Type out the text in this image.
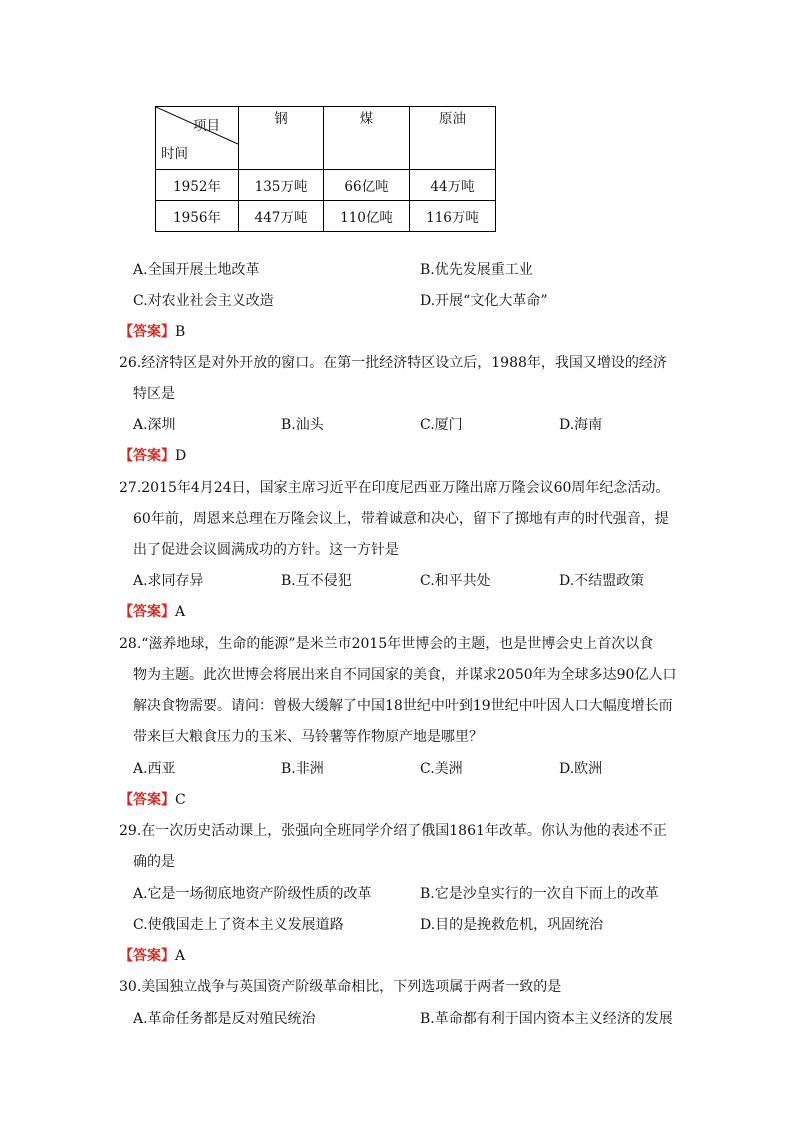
项目
时间	钢	煤	原油
1952年	135万吨	66亿吨	44万吨
1956年	447万吨	110亿吨	116万吨
A.全国开展土地改革	B.优先发展重工业
C.对农业社会主义改造	D.开展“文化大革命”
【答案】B
26.经济特区是对外开放的窗口。在第一批经济特区设立后，1988年，我国又增设的经济
特区是
A.深圳	B.汕头	C.厦门	D.海南
【答案】D
27.2015年4月24日，国家主席习近平在印度尼西亚万隆出席万隆会议60周年纪念活动。
60年前，周恩来总理在万隆会议上，带着诚意和决心，留下了掷地有声的时代强音，提
出了促进会议圆满成功的方针。这一方针是
A.求同存异	B.互不侵犯	C.和平共处	D.不结盟政策
【答案】A
28.“滋养地球，生命的能源”是米兰市2015年世博会的主题，也是世博会史上首次以食
物为主题。此次世博会将展出来自不同国家的美食，并谋求2050年为全球多达90亿人口
解决食物需要。请问：曾极大缓解了中国18世纪中叶到19世纪中叶因人口大幅度增长而
带来巨大粮食压力的玉米、马铃薯等作物原产地是哪里？
A.西亚	B.非洲	C.美洲	D.欧洲
【答案】C
29.在一次历史活动课上，张强向全班同学介绍了俄国1861年改革。你认为他的表述不正
确的是
A.它是一场彻底地资产阶级性质的改革	B.它是沙皇实行的一次自下而上的改革
C.使俄国走上了资本主义发展道路	D.目的是挽救危机，巩固统治
【答案】A
30.美国独立战争与英国资产阶级革命相比，下列选项属于两者一致的是
A.革命任务都是反对殖民统治	B.革命都有利于国内资本主义经济的发展
